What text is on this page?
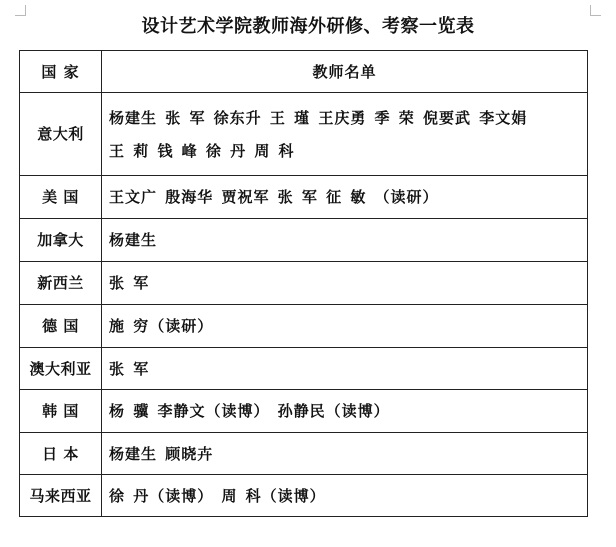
设计艺术学院教师海外研修、考察一览表
国 家	教师名单
意大利	杨建生 张 军 徐东升 王 瑾 王庆勇 季 荣 倪要武 李文娟
王 莉 钱 峰 徐 丹 周 科

美 国	王文广 殷海华 贾祝军 张 军 征 敏 （读研）
加拿大	杨建生
新西兰	张 军
德 国	施 穷（读研）
澳大利亚	张 军
韩 国	杨 骥 李静文（读博） 孙静民（读博）
日 本	杨建生 顾晓卉
马来西亚	徐 丹（读博） 周 科（读博）
